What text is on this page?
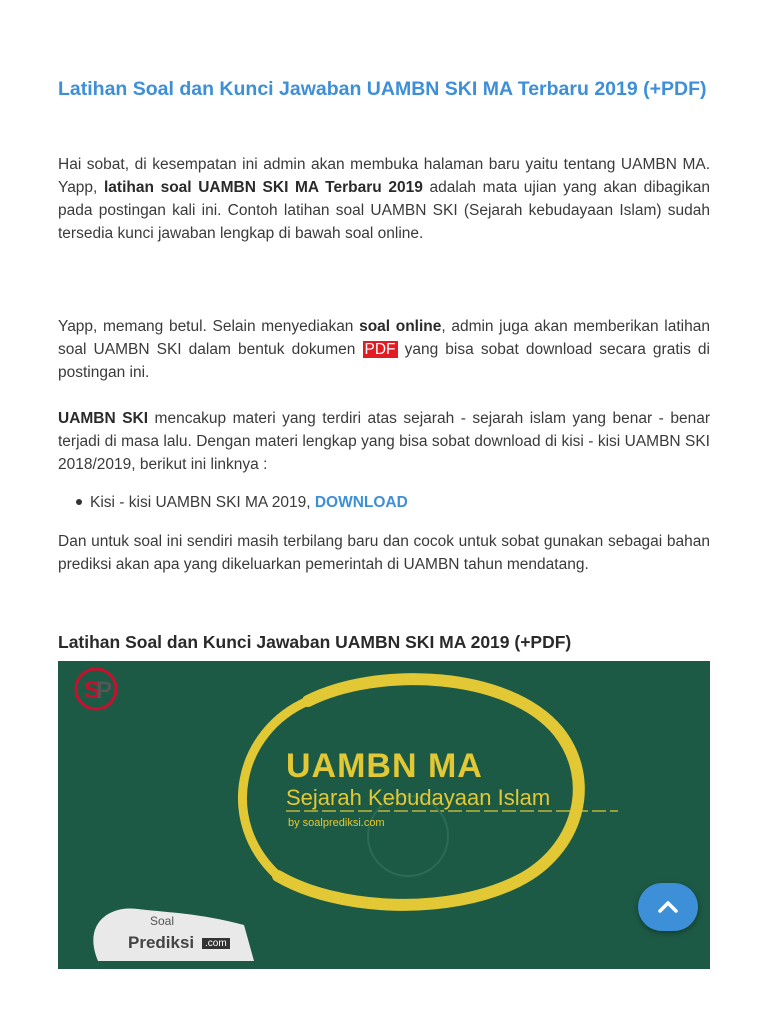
Latihan Soal dan Kunci Jawaban UAMBN SKI MA Terbaru 2019 (+PDF)

Hai sobat, di kesempatan ini admin akan membuka halaman baru yaitu tentang UAMBN MA. Yapp, latihan soal UAMBN SKI MA Terbaru 2019 adalah mata ujian yang akan dibagikan pada postingan kali ini. Contoh latihan soal UAMBN SKI (Sejarah kebudayaan Islam) sudah tersedia kunci jawaban lengkap di bawah soal online.

Yapp, memang betul. Selain menyediakan soal online, admin juga akan memberikan latihan soal UAMBN SKI dalam bentuk dokumen PDF yang bisa sobat download secara gratis di postingan ini.

UAMBN SKI mencakup materi yang terdiri atas sejarah - sejarah islam yang benar - benar terjadi di masa lalu. Dengan materi lengkap yang bisa sobat download di kisi - kisi UAMBN SKI 2018/2019, berikut ini linknya :

Kisi - kisi UAMBN SKI MA 2019, DOWNLOAD

Dan untuk soal ini sendiri masih terbilang baru dan cocok untuk sobat gunakan sebagai bahan prediksi akan apa yang dikeluarkan pemerintah di UAMBN tahun mendatang.

Latihan Soal dan Kunci Jawaban UAMBN SKI MA 2019 (+PDF)
UAMBN MA
Sejarah Kebudayaan Islam
by soalprediksi.com
S
P
Soal
Prediksi	.com
